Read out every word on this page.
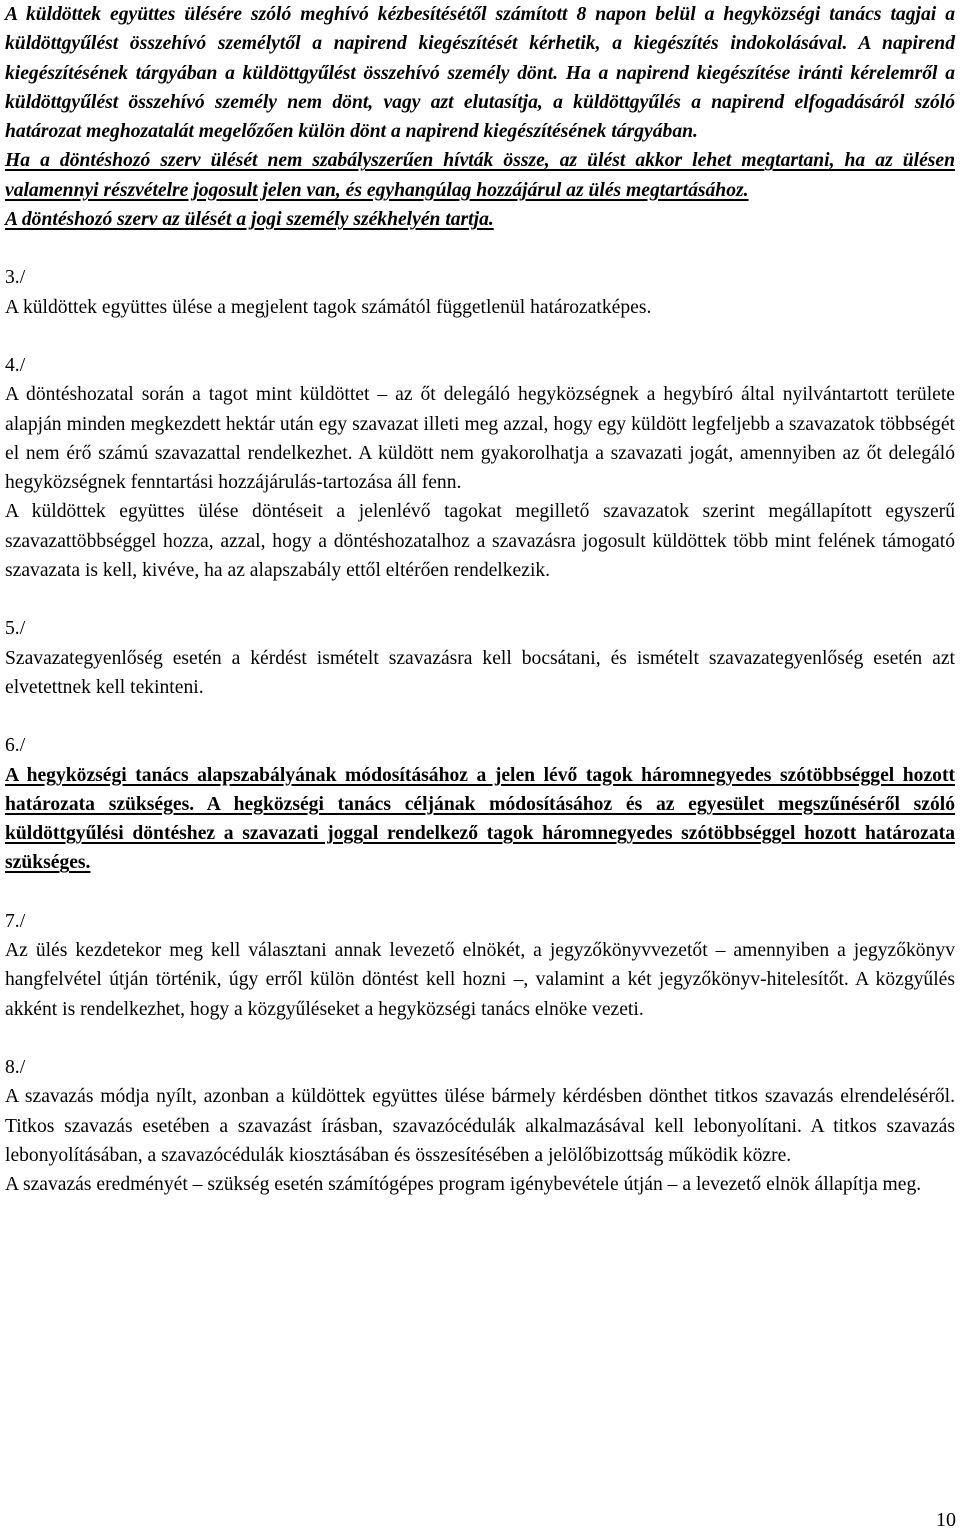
A küldöttek együttes ülésére szóló meghívó kézbesítésétől számított 8 napon belül a hegyközségi tanács tagjai a küldöttgyűlést összehívó személytől a napirend kiegészítését kérhetik, a kiegészítés indokolásával. A napirend kiegészítésének tárgyában a küldöttgyűlést összehívó személy dönt. Ha a napirend kiegészítése iránti kérelemről a küldöttgyűlést összehívó személy nem dönt, vagy azt elutasítja, a küldöttgyűlés a napirend elfogadásáról szóló határozat meghozatalát megelőzően külön dönt a napirend kiegészítésének tárgyában.

Ha a döntéshozó szerv ülését nem szabályszerűen hívták össze, az ülést akkor lehet megtartani, ha az ülésen valamennyi részvételre jogosult jelen van, és egyhangúlag hozzájárul az ülés megtartásához.

A döntéshozó szerv az ülését a jogi személy székhelyén tartja.

3./

A küldöttek együttes ülése a megjelent tagok számától függetlenül határozatképes.

4./

A döntéshozatal során a tagot mint küldöttet – az őt delegáló hegyközségnek a hegybíró által nyilvántartott területe alapján minden megkezdett hektár után egy szavazat illeti meg azzal, hogy egy küldött legfeljebb a szavazatok többségét el nem érő számú szavazattal rendelkezhet. A küldött nem gyakorolhatja a szavazati jogát, amennyiben az őt delegáló hegyközségnek fenntartási hozzájárulás-tartozása áll fenn.

A küldöttek együttes ülése döntéseit a jelenlévő tagokat megillető szavazatok szerint megállapított egyszerű szavazattöbbséggel hozza, azzal, hogy a döntéshozatalhoz a szavazásra jogosult küldöttek több mint felének támogató szavazata is kell, kivéve, ha az alapszabály ettől eltérően rendelkezik.

5./

Szavazategyenlőség esetén a kérdést ismételt szavazásra kell bocsátani, és ismételt szavazategyenlőség esetén azt elvetettnek kell tekinteni.

6./

A hegyközségi tanács alapszabályának módosításához a jelen lévő tagok háromnegyedes szótöbbséggel hozott határozata szükséges. A hegközségi tanács céljának módosításához és az egyesület megszűnéséről szóló küldöttgyűlési döntéshez a szavazati joggal rendelkező tagok háromnegyedes szótöbbséggel hozott határozata szükséges.

7./

Az ülés kezdetekor meg kell választani annak levezető elnökét, a jegyzőkönyvvezetőt – amennyiben a jegyzőkönyv hangfelvétel útján történik, úgy erről külön döntést kell hozni –, valamint a két jegyzőkönyv-hitelesítőt. A közgyűlés akként is rendelkezhet, hogy a közgyűléseket a hegyközségi tanács elnöke vezeti.

8./

A szavazás módja nyílt, azonban a küldöttek együttes ülése bármely kérdésben dönthet titkos szavazás elrendeléséről. Titkos szavazás esetében a szavazást írásban, szavazócédulák alkalmazásával kell lebonyolítani. A titkos szavazás lebonyolításában, a szavazócédulák kiosztásában és összesítésében a jelölőbizottság működik közre.

A szavazás eredményét – szükség esetén számítógépes program igénybevétele útján – a levezető elnök állapítja meg.

10
